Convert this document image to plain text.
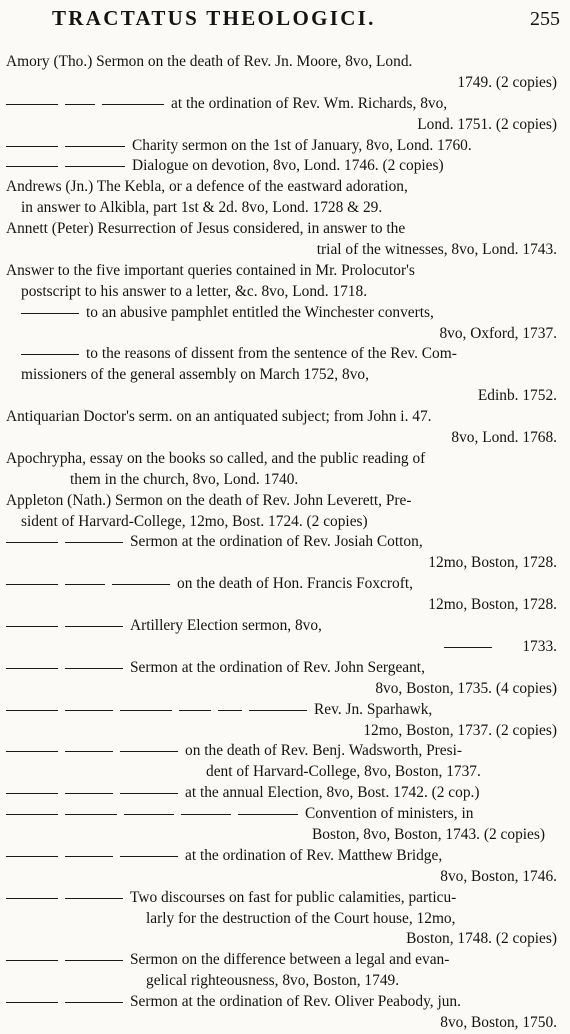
TRACTATUS THEOLOGICI.	255
Amory (Tho.) Sermon on the death of Rev. Jn. Moore, 8vo, Lond.
1749. (2 copies)
at the ordination of Rev. Wm. Richards, 8vo,
Lond. 1751. (2 copies)
Charity sermon on the 1st of January, 8vo, Lond. 1760.
Dialogue on devotion, 8vo, Lond. 1746. (2 copies)
Andrews (Jn.) The Kebla, or a defence of the eastward adoration,
in answer to Alkibla, part 1st & 2d. 8vo, Lond. 1728 & 29.
Annett (Peter) Resurrection of Jesus considered, in answer to the
trial of the witnesses, 8vo, Lond. 1743.
Answer to the five important queries contained in Mr. Prolocutor's
postscript to his answer to a letter, &c. 8vo, Lond. 1718.
to an abusive pamphlet entitled the Winchester converts,
8vo, Oxford, 1737.
to the reasons of dissent from the sentence of the Rev. Com-
missioners of the general assembly on March 1752, 8vo,
Edinb. 1752.
Antiquarian Doctor's serm. on an antiquated subject; from John i. 47.
8vo, Lond. 1768.
Apochrypha, essay on the books so called, and the public reading of
them in the church, 8vo, Lond. 1740.
Appleton (Nath.) Sermon on the death of Rev. John Leverett, Pre-
sident of Harvard-College, 12mo, Bost. 1724. (2 copies)
Sermon at the ordination of Rev. Josiah Cotton,
12mo, Boston, 1728.
on the death of Hon. Francis Foxcroft,
12mo, Boston, 1728.
Artillery Election sermon, 8vo,
1733.
Sermon at the ordination of Rev. John Sergeant,
8vo, Boston, 1735. (4 copies)
Rev. Jn. Sparhawk,
12mo, Boston, 1737. (2 copies)
on the death of Rev. Benj. Wadsworth, Presi-
dent of Harvard-College, 8vo, Boston, 1737.
at the annual Election, 8vo, Bost. 1742. (2 cop.)
Convention of ministers, in
Boston, 8vo, Boston, 1743. (2 copies)
at the ordination of Rev. Matthew Bridge,
8vo, Boston, 1746.
Two discourses on fast for public calamities, particu-
larly for the destruction of the Court house, 12mo,
Boston, 1748. (2 copies)
Sermon on the difference between a legal and evan-
gelical righteousness, 8vo, Boston, 1749.
Sermon at the ordination of Rev. Oliver Peabody, jun.
8vo, Boston, 1750.
